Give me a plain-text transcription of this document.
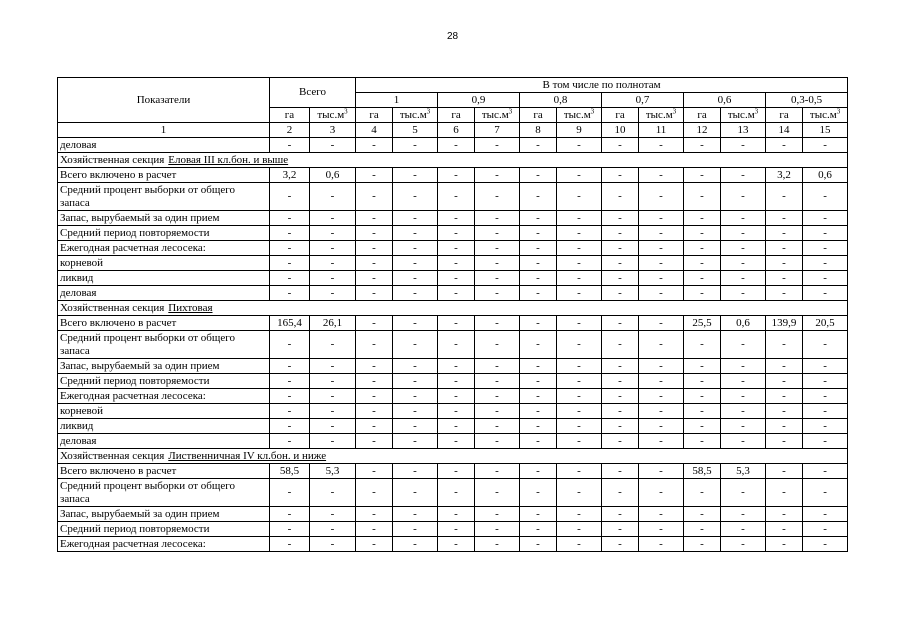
28
Показатели	Всего		В том числе по полнотам											
			1		0,9		0,8		0,7		0,6		0,3-0,5	
	га	$тыс.м^3$	га	$тыс.м^3$	га	$тыс.м^3$	га	$тыс.м^3$	га	$тыс.м^3$	га	$тыс.м^3$	га	$тыс.м^3$
1	2	3	4	5	6	7	8	9	10	11	12	13	14	15
деловая	-	-	-	-	-	-	-	-	-	-	-	-	-	-
Хозяйственная секция Еловая III кл.бон. и выше														
Всего включено в расчет	3,2	0,6	-	-	-	-	-	-	-	-	-	-	3,2	0,6
Средний процент выборки от общего запаса	-	-	-	-	-	-	-	-	-	-	-	-	-	-
Запас, вырубаемый за один прием	-	-	-	-	-	-	-	-	-	-	-	-	-	-
Средний период повторяемости	-	-	-	-	-	-	-	-	-	-	-	-	-	-
Ежегодная расчетная лесосека:	-	-	-	-	-	-	-	-	-	-	-	-	-	-
корневой	-	-	-	-	-	-	-	-	-	-	-	-	-	-
ликвид	-	-	-	-	-	-	-	-	-	-	-	-	-	-
деловая	-	-	-	-	-	-	-	-	-	-	-	-	-	-
Хозяйственная секция Пихтовая														
Всего включено в расчет	165,4	26,1	-	-	-	-	-	-	-	-	25,5	0,6	139,9	20,5
Средний процент выборки от общего запаса	-	-	-	-	-	-	-	-	-	-	-	-	-	-
Запас, вырубаемый за один прием	-	-	-	-	-	-	-	-	-	-	-	-	-	-
Средний период повторяемости	-	-	-	-	-	-	-	-	-	-	-	-	-	-
Ежегодная расчетная лесосека:	-	-	-	-	-	-	-	-	-	-	-	-	-	-
корневой	-	-	-	-	-	-	-	-	-	-	-	-	-	-
ликвид	-	-	-	-	-	-	-	-	-	-	-	-	-	-
деловая	-	-	-	-	-	-	-	-	-	-	-	-	-	-
Хозяйственная секция Лиственничная IV кл.бон. и ниже														
Всего включено в расчет	58,5	5,3	-	-	-	-	-	-	-	-	58,5	5,3	-	-
Средний процент выборки от общего запаса	-	-	-	-	-	-	-	-	-	-	-	-	-	-
Запас, вырубаемый за один прием	-	-	-	-	-	-	-	-	-	-	-	-	-	-
Средний период повторяемости	-	-	-	-	-	-	-	-	-	-	-	-	-	-
Ежегодная расчетная лесосека:	-	-	-	-	-	-	-	-	-	-	-	-	-	-
